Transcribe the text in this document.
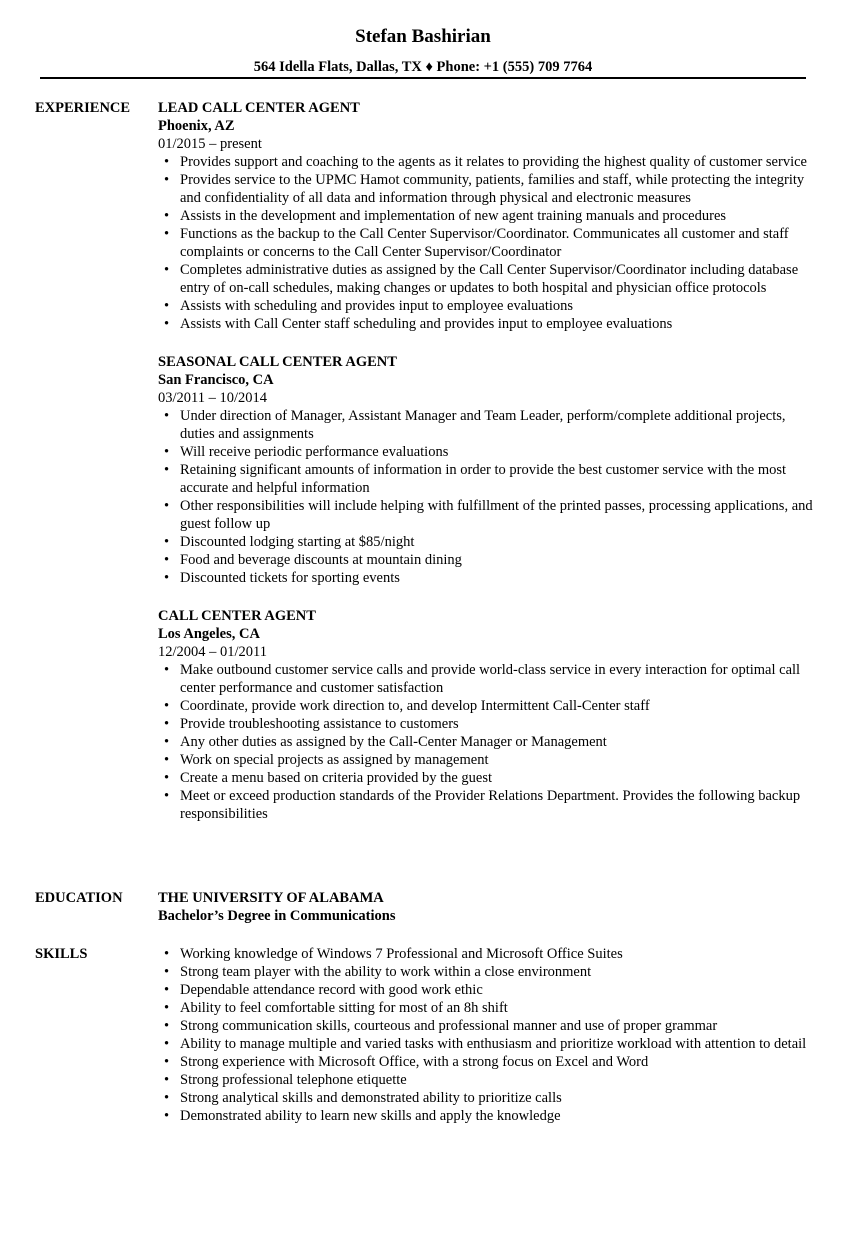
Stefan Bashirian
564 Idella Flats, Dallas, TX ♦ Phone: +1 (555) 709 7764
EXPERIENCE	LEAD CALL CENTER AGENT
Phoenix, AZ
01/2015 – present
• Provides support and coaching to the agents as it relates to providing the highest quality of customer service
• Provides service to the UPMC Hamot community, patients, families and staff, while protecting the integrity and confidentiality of all data and information through physical and electronic measures
• Assists in the development and implementation of new agent training manuals and procedures
• Functions as the backup to the Call Center Supervisor/Coordinator. Communicates all customer and staff complaints or concerns to the Call Center Supervisor/Coordinator
• Completes administrative duties as assigned by the Call Center Supervisor/Coordinator including database entry of on-call schedules, making changes or updates to both hospital and physician office protocols
• Assists with scheduling and provides input to employee evaluations
• Assists with Call Center staff scheduling and provides input to employee evaluations
SEASONAL CALL CENTER AGENT
San Francisco, CA
03/2011 – 10/2014
• Under direction of Manager, Assistant Manager and Team Leader, perform/complete additional projects, duties and assignments
• Will receive periodic performance evaluations
• Retaining significant amounts of information in order to provide the best customer service with the most accurate and helpful information
• Other responsibilities will include helping with fulfillment of the printed passes, processing applications, and guest follow up
• Discounted lodging starting at $85/night
• Food and beverage discounts at mountain dining
• Discounted tickets for sporting events
CALL CENTER AGENT
Los Angeles, CA
12/2004 – 01/2011
• Make outbound customer service calls and provide world-class service in every interaction for optimal call center performance and customer satisfaction
• Coordinate, provide work direction to, and develop Intermittent Call-Center staff
• Provide troubleshooting assistance to customers
• Any other duties as assigned by the Call-Center Manager or Management
• Work on special projects as assigned by management
• Create a menu based on criteria provided by the guest
• Meet or exceed production standards of the Provider Relations Department. Provides the following backup responsibilities
EDUCATION	THE UNIVERSITY OF ALABAMA
Bachelor’s Degree in Communications
SKILLS
•	Working knowledge of Windows 7 Professional and Microsoft Office Suites
• Strong team player with the ability to work within a close environment
• Dependable attendance record with good work ethic
• Ability to feel comfortable sitting for most of an 8h shift
• Strong communication skills, courteous and professional manner and use of proper grammar
• Ability to manage multiple and varied tasks with enthusiasm and prioritize workload with attention to detail
• Strong experience with Microsoft Office, with a strong focus on Excel and Word
• Strong professional telephone etiquette
• Strong analytical skills and demonstrated ability to prioritize calls
• Demonstrated ability to learn new skills and apply the knowledge
